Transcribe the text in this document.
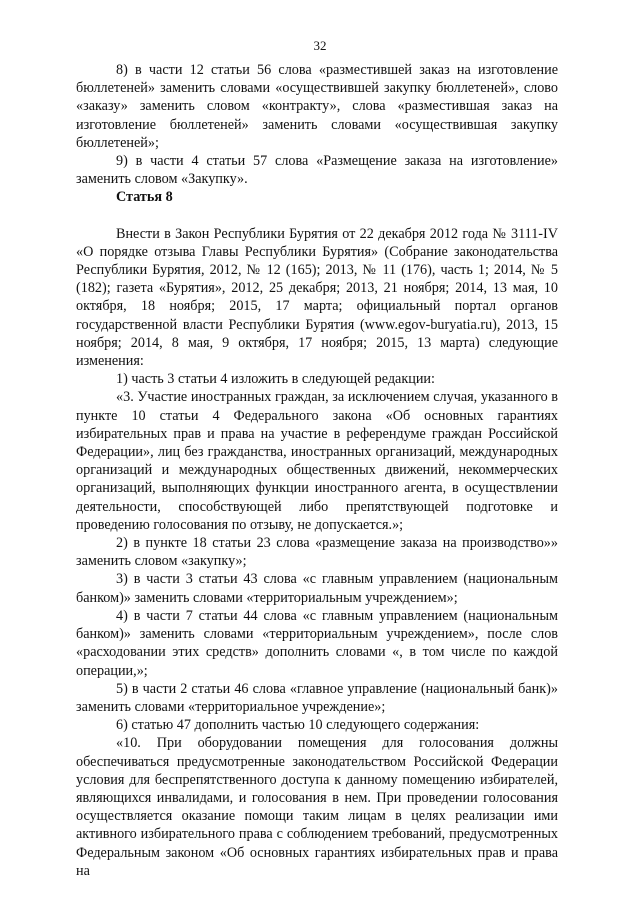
32

8) в части 12 статьи 56 слова «разместившей заказ на изготовление бюллетеней» заменить словами «осуществившей закупку бюллетеней», слово «заказу» заменить словом «контракту», слова «разместившая заказ на изготовление бюллетеней» заменить словами «осуществившая закупку бюллетеней»;

9) в части 4 статьи 57 слова «Размещение заказа на изготовление» заменить словом «Закупку».

Статья 8

Внести в Закон Республики Бурятия от 22 декабря 2012 года № 3111-IV «О порядке отзыва Главы Республики Бурятия» (Собрание законодательства Республики Бурятия, 2012, № 12 (165); 2013, № 11 (176), часть 1; 2014, № 5 (182); газета «Бурятия», 2012, 25 декабря; 2013, 21 ноября; 2014, 13 мая, 10 октября, 18 ноября; 2015, 17 марта; официальный портал органов государственной власти Республики Бурятия (www.egov-buryatia.ru), 2013, 15 ноября; 2014, 8 мая, 9 октября, 17 ноября; 2015, 13 марта) следующие изменения:

1) часть 3 статьи 4 изложить в следующей редакции:

«3. Участие иностранных граждан, за исключением случая, указанного в пункте 10 статьи 4 Федерального закона «Об основных гарантиях избирательных прав и права на участие в референдуме граждан Российской Федерации», лиц без гражданства, иностранных организаций, международных организаций и международных общественных движений, некоммерческих организаций, выполняющих функции иностранного агента, в осуществлении деятельности, способствующей либо препятствующей подготовке и проведению голосования по отзыву, не допускается.»;

2) в пункте 18 статьи 23 слова «размещение заказа на производство»» заменить словом «закупку»;

3) в части 3 статьи 43 слова «с главным управлением (национальным банком)» заменить словами «территориальным учреждением»;

4) в части 7 статьи 44 слова «с главным управлением (национальным банком)» заменить словами «территориальным учреждением», после слов «расходовании этих средств» дополнить словами «, в том числе по каждой операции,»;

5) в части 2 статьи 46 слова «главное управление (национальный банк)» заменить словами «территориальное учреждение»;

6) статью 47 дополнить частью 10 следующего содержания:

«10. При оборудовании помещения для голосования должны обеспечиваться предусмотренные законодательством Российской Федерации условия для беспрепятственного доступа к данному помещению избирателей, являющихся инвалидами, и голосования в нем. При проведении голосования осуществляется оказание помощи таким лицам в целях реализации ими активного избирательного права с соблюдением требований, предусмотренных Федеральным законом «Об основных гарантиях избирательных прав и права на
